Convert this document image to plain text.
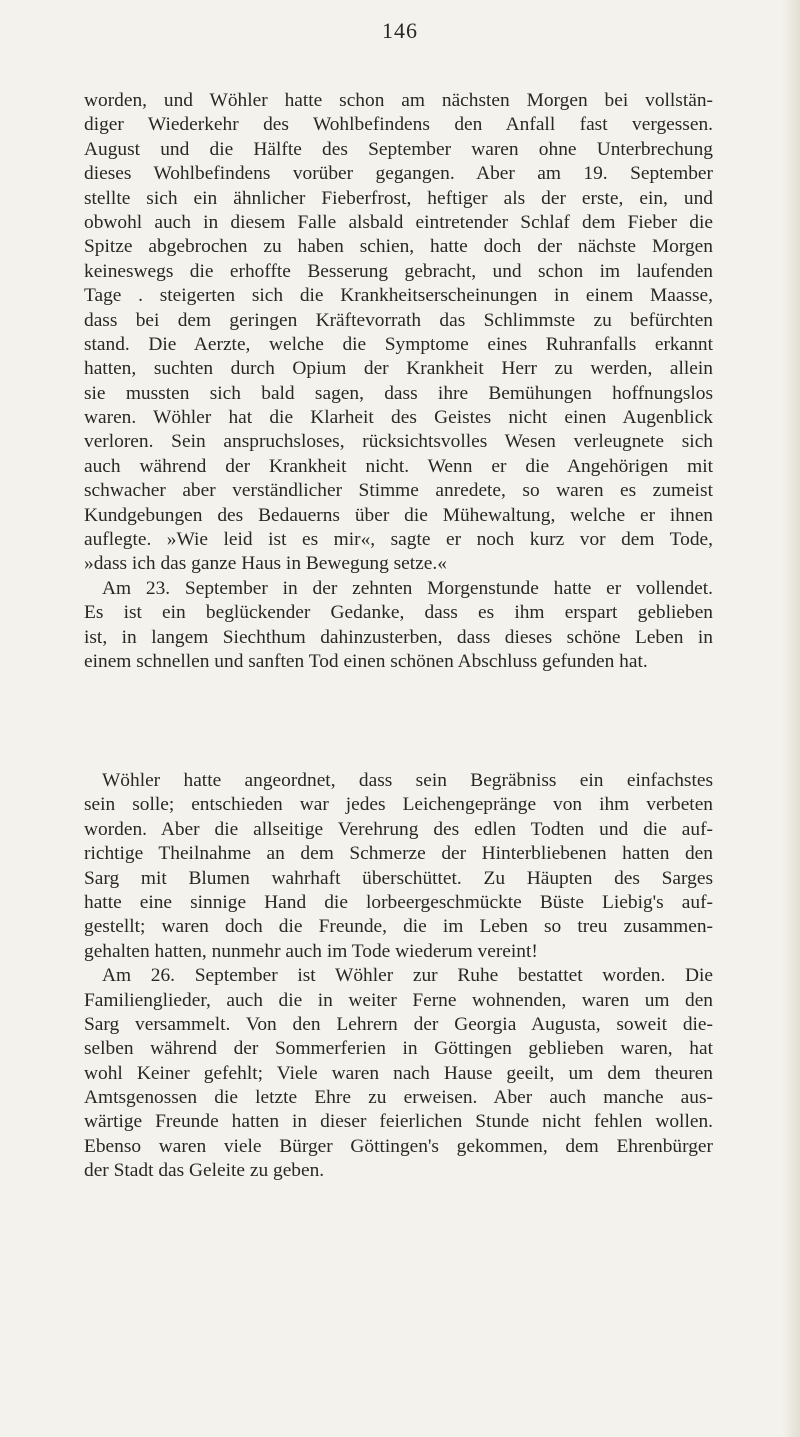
146
worden, und Wöhler hatte schon am nächsten Morgen bei vollstän-
diger Wiederkehr des Wohlbefindens den Anfall fast vergessen.
August und die Hälfte des September waren ohne Unterbrechung
dieses Wohlbefindens vorüber gegangen. Aber am 19. September
stellte sich ein ähnlicher Fieberfrost, heftiger als der erste, ein, und
obwohl auch in diesem Falle alsbald eintretender Schlaf dem Fieber die
Spitze abgebrochen zu haben schien, hatte doch der nächste Morgen
keineswegs die erhoffte Besserung gebracht, und schon im laufenden
Tage . steigerten sich die Krankheitserscheinungen in einem Maasse,
dass bei dem geringen Kräftevorrath das Schlimmste zu befürchten
stand. Die Aerzte, welche die Symptome eines Ruhranfalls erkannt
hatten, suchten durch Opium der Krankheit Herr zu werden, allein
sie mussten sich bald sagen, dass ihre Bemühungen hoffnungslos
waren. Wöhler hat die Klarheit des Geistes nicht einen Augenblick
verloren. Sein anspruchsloses, rücksichtsvolles Wesen verleugnete sich
auch während der Krankheit nicht. Wenn er die Angehörigen mit
schwacher aber verständlicher Stimme anredete, so waren es zumeist
Kundgebungen des Bedauerns über die Mühewaltung, welche er ihnen
auflegte. »Wie leid ist es mir«, sagte er noch kurz vor dem Tode,
»dass ich das ganze Haus in Bewegung setze.«
Am 23. September in der zehnten Morgenstunde hatte er vollendet.
Es ist ein beglückender Gedanke, dass es ihm erspart geblieben
ist, in langem Siechthum dahinzusterben, dass dieses schöne Leben in
einem schnellen und sanften Tod einen schönen Abschluss gefunden hat.
Wöhler hatte angeordnet, dass sein Begräbniss ein einfachstes
sein solle; entschieden war jedes Leichengepränge von ihm verbeten
worden. Aber die allseitige Verehrung des edlen Todten und die auf-
richtige Theilnahme an dem Schmerze der Hinterbliebenen hatten den
Sarg mit Blumen wahrhaft überschüttet. Zu Häupten des Sarges
hatte eine sinnige Hand die lorbeergeschmückte Büste Liebig's auf-
gestellt; waren doch die Freunde, die im Leben so treu zusammen-
gehalten hatten, nunmehr auch im Tode wiederum vereint!
Am 26. September ist Wöhler zur Ruhe bestattet worden. Die
Familienglieder, auch die in weiter Ferne wohnenden, waren um den
Sarg versammelt. Von den Lehrern der Georgia Augusta, soweit die-
selben während der Sommerferien in Göttingen geblieben waren, hat
wohl Keiner gefehlt; Viele waren nach Hause geeilt, um dem theuren
Amtsgenossen die letzte Ehre zu erweisen. Aber auch manche aus-
wärtige Freunde hatten in dieser feierlichen Stunde nicht fehlen wollen.
Ebenso waren viele Bürger Göttingen's gekommen, dem Ehrenbürger
der Stadt das Geleite zu geben.
